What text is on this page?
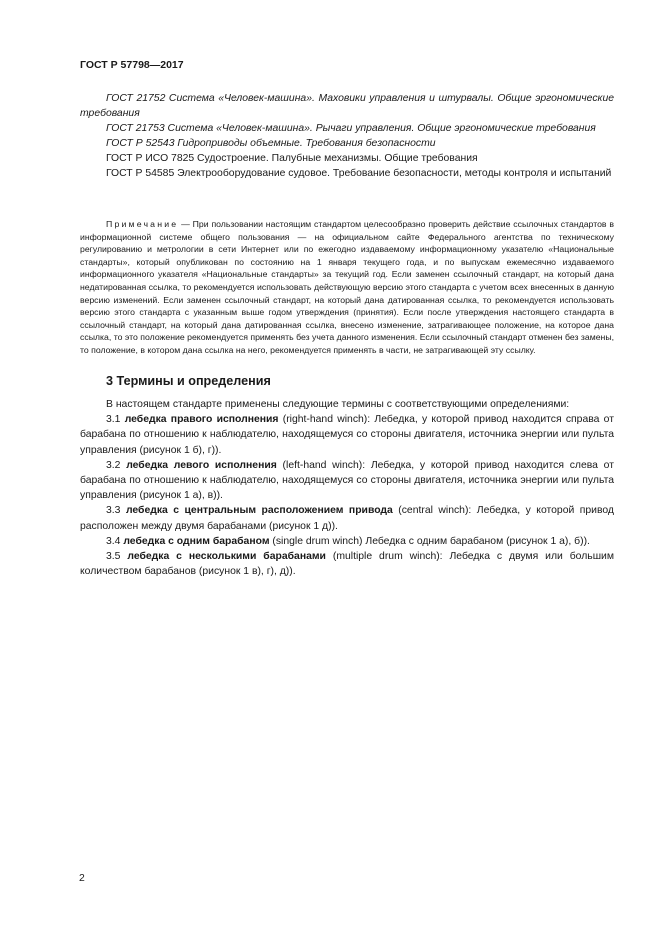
ГОСТ Р 57798—2017

ГОСТ 21752 Система «Человек-машина». Маховики управления и штурвалы. Общие эргономические требования

ГОСТ 21753 Система «Человек-машина». Рычаги управления. Общие эргономические требования

ГОСТ Р 52543 Гидроприводы объемные. Требования безопасности

ГОСТ Р ИСО 7825 Судостроение. Палубные механизмы. Общие требования

ГОСТ Р 54585 Электрооборудование судовое. Требование безопасности, методы контроля и испытаний

Примечание — При пользовании настоящим стандартом целесообразно проверить действие ссылочных стандартов в информационной системе общего пользования — на официальном сайте Федерального агентства по техническому регулированию и метрологии в сети Интернет или по ежегодно издаваемому информационному указателю «Национальные стандарты», который опубликован по состоянию на 1 января текущего года, и по выпускам ежемесячно издаваемого информационного указателя «Национальные стандарты» за текущий год. Если заменен ссылочный стандарт, на который дана недатированная ссылка, то рекомендуется использовать действующую версию этого стандарта с учетом всех внесенных в данную версию изменений. Если заменен ссылочный стандарт, на который дана датированная ссылка, то рекомендуется использовать версию этого стандарта с указанным выше годом утверждения (принятия). Если после утверждения настоящего стандарта в ссылочный стандарт, на который дана датированная ссылка, внесено изменение, затрагивающее положение, на которое дана ссылка, то это положение рекомендуется применять без учета данного изменения. Если ссылочный стандарт отменен без замены, то положение, в котором дана ссылка на него, рекомендуется применять в части, не затрагивающей эту ссылку.

3 Термины и определения

В настоящем стандарте применены следующие термины с соответствующими определениями:

3.1 лебедка правого исполнения (right-hand winch): Лебедка, у которой привод находится справа от барабана по отношению к наблюдателю, находящемуся со стороны двигателя, источника энергии или пульта управления (рисунок 1 б), г)).

3.2 лебедка левого исполнения (left-hand winch): Лебедка, у которой привод находится слева от барабана по отношению к наблюдателю, находящемуся со стороны двигателя, источника энергии или пульта управления (рисунок 1 а), в)).

3.3 лебедка с центральным расположением привода (central winch): Лебедка, у которой привод расположен между двумя барабанами (рисунок 1 д)).

3.4 лебедка с одним барабаном (single drum winch) Лебедка с одним барабаном (рисунок 1 а), б)).

3.5 лебедка с несколькими барабанами (multiple drum winch): Лебедка с двумя или большим количеством барабанов (рисунок 1 в), г), д)).

2
